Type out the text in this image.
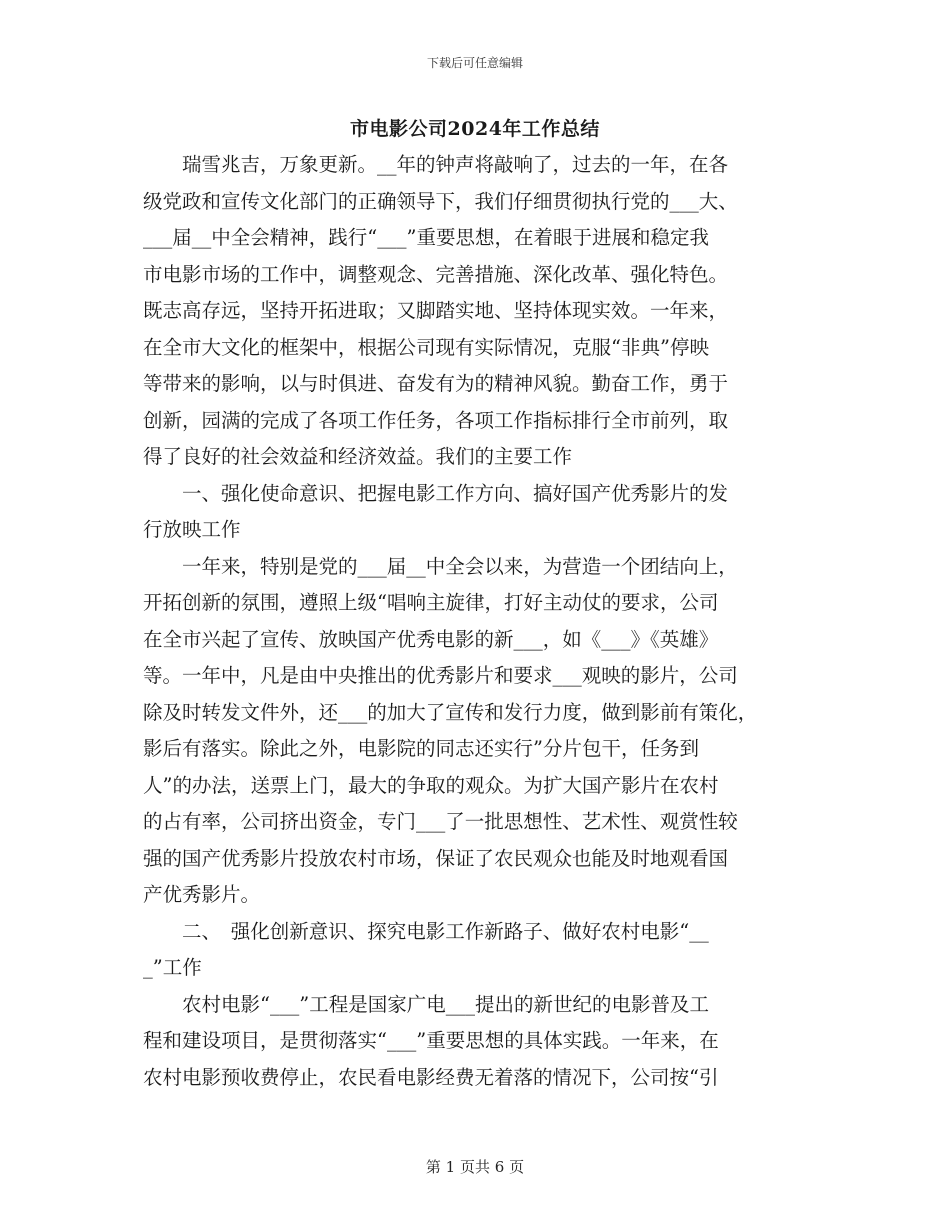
下载后可任意编辑
市电影公司2024年工作总结
　　瑞雪兆吉，万象更新。__年的钟声将敲响了，过去的一年，在各
级党政和宣传文化部门的正确领导下，我们仔细贯彻执行党的___大、
___届__中全会精神，践行“___”重要思想，在着眼于进展和稳定我
市电影市场的工作中，调整观念、完善措施、深化改革、强化特色。
既志高存远，坚持开拓进取；又脚踏实地、坚持体现实效。一年来，
在全市大文化的框架中，根据公司现有实际情况，克服“非典”停映
等带来的影响，以与时俱进、奋发有为的精神风貌。勤奋工作，勇于
创新，园满的完成了各项工作任务，各项工作指标排行全市前列，取
得了良好的社会效益和经济效益。我们的主要工作
　　一、强化使命意识、把握电影工作方向、搞好国产优秀影片的发
行放映工作
　　一年来，特别是党的___届__中全会以来，为营造一个团结向上，
开拓创新的氛围，遵照上级“唱响主旋律，打好主动仗的要求，公司
在全市兴起了宣传、放映国产优秀电影的新___，如《___》《英雄》
等。一年中，凡是由中央推出的优秀影片和要求___观映的影片，公司
除及时转发文件外，还___的加大了宣传和发行力度，做到影前有策化，
影后有落实。除此之外，电影院的同志还实行”分片包干，任务到
人”的办法，送票上门，最大的争取的观众。为扩大国产影片在农村
的占有率，公司挤出资金，专门___了一批思想性、艺术性、观赏性较
强的国产优秀影片投放农村市场，保证了农民观众也能及时地观看国
产优秀影片。
　　二、　强化创新意识、探究电影工作新路子、做好农村电影“__
_”工作
　　农村电影“___”工程是国家广电___提出的新世纪的电影普及工
程和建设项目，是贯彻落实“___”重要思想的具体实践。一年来，在
农村电影预收费停止，农民看电影经费无着落的情况下，公司按“引
第 1 页共 6 页
